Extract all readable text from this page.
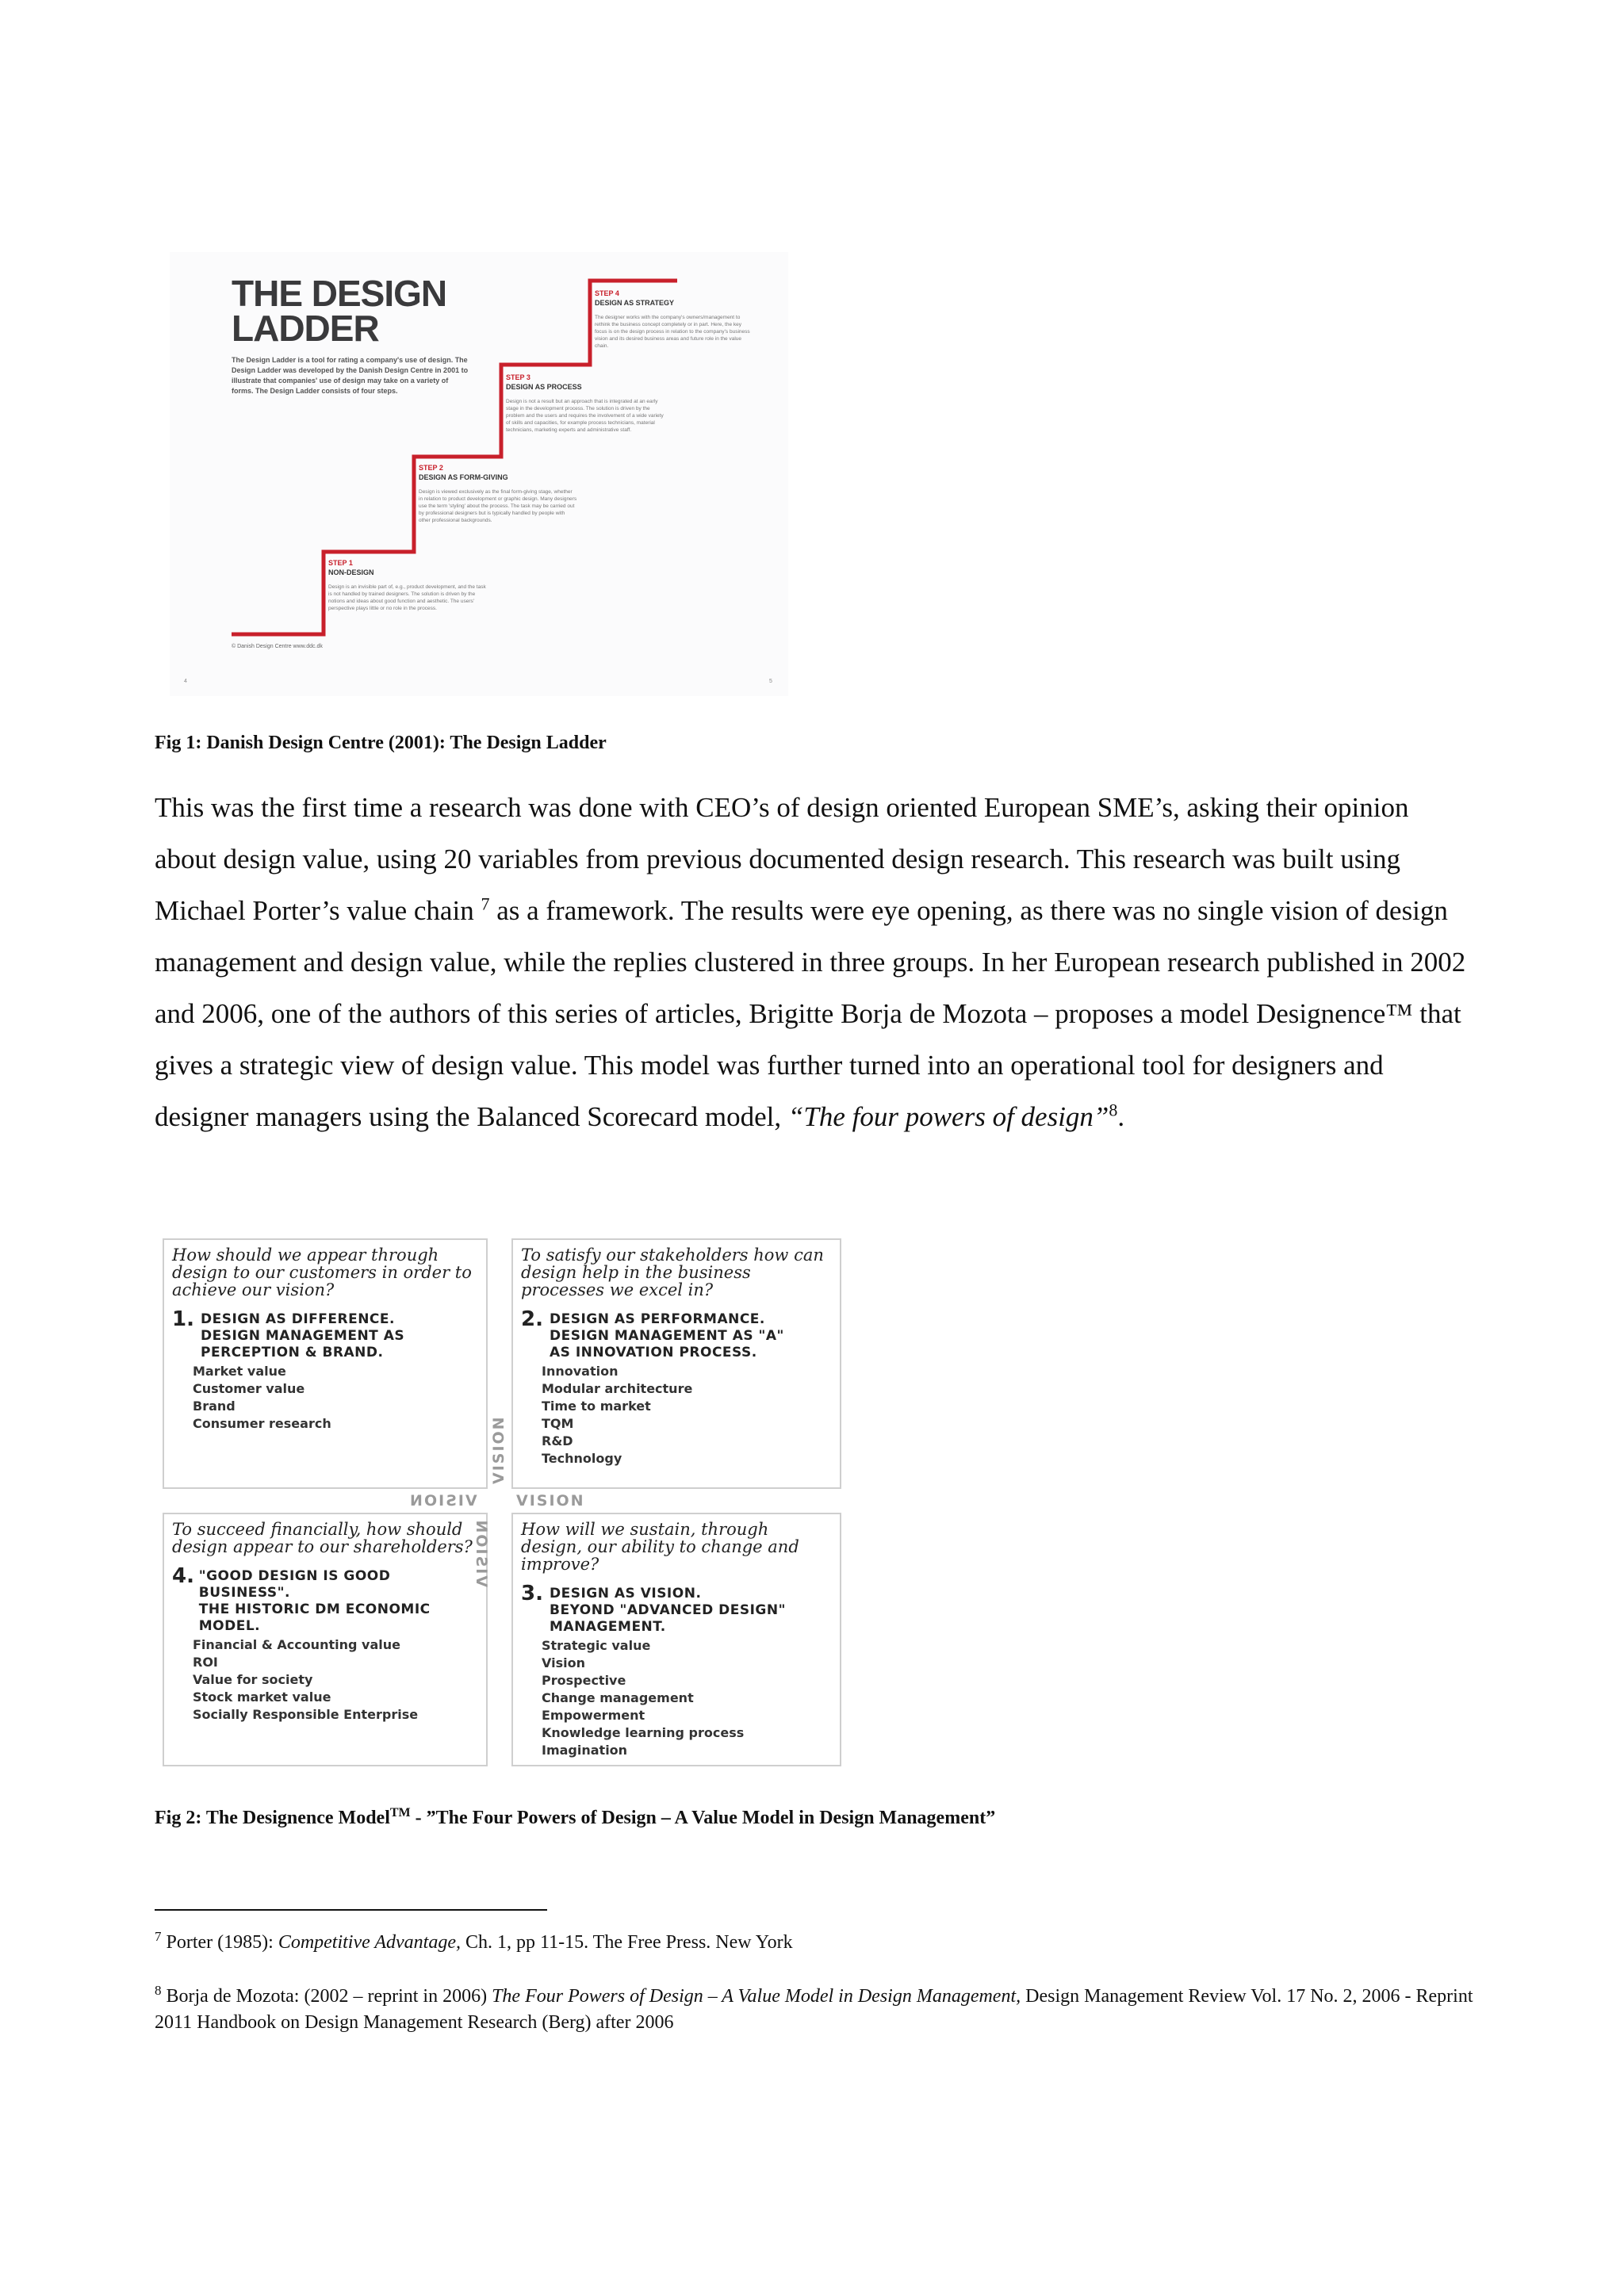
THE DESIGN
LADDER

The Design Ladder is a tool for rating a company's use of design. The Design Ladder was developed by the Danish Design Centre in 2001 to illustrate that companies' use of design may take on a variety of forms. The Design Ladder consists of four steps.

STEP 1
NON-DESIGN
Design is an invisible part of, e.g., product development, and the task is not handled by trained designers. The solution is driven by the notions and ideas about good function and aesthetic. The users' perspective plays little or no role in the process.
STEP 2
DESIGN AS FORM-GIVING
Design is viewed exclusively as the final form-giving stage, whether in relation to product development or graphic design. Many designers use the term 'styling' about the process. The task may be carried out by professional designers but is typically handled by people with other professional backgrounds.
STEP 3
DESIGN AS PROCESS
Design is not a result but an approach that is integrated at an early stage in the development process. The solution is driven by the problem and the users and requires the involvement of a wide variety of skills and capacities, for example process technicians, material technicians, marketing experts and administrative staff.
STEP 4
DESIGN AS STRATEGY
The designer works with the company's owners/management to rethink the business concept completely or in part. Here, the key focus is on the design process in relation to the company's business vision and its desired business areas and future role in the value chain.
© Danish Design Centre www.ddc.dk
4	5

Fig 1: Danish Design Centre (2001): The Design Ladder

This was the first time a research was done with CEO’s of design oriented European SME’s, asking their opinion about design value, using 20 variables from previous documented design research. This research was built using Michael Porter’s value chain $^7$ as a framework. The results were eye opening, as there was no single vision of design management and design value, while the replies clustered in three groups. In her European research published in 2002 and 2006, one of the authors of this series of articles, Brigitte Borja de Mozota – proposes a model Designence™ that gives a strategic view of design value. This model was further turned into an operational tool for designers and designer managers using the Balanced Scorecard model, “The four powers of design”$^8$.

How should we appear through design to our customers in order to achieve our vision?

1. DESIGN AS DIFFERENCE.
DESIGN MANAGEMENT AS
PERCEPTION & BRAND.
Market value
Customer value
Brand
Consumer research

To satisfy our stakeholders how can design help in the business processes we excel in?

2. DESIGN AS PERFORMANCE.
DESIGN MANAGEMENT AS "A"
AS INNOVATION PROCESS.
Innovation
Modular architecture
Time to market
TQM
R&D
Technology

To succeed financially, how should design appear to our shareholders?

4. "GOOD DESIGN IS GOOD
BUSINESS".
THE HISTORIC DM ECONOMIC MODEL.
Financial & Accounting value
ROI
Value for society
Stock market value
Socially Responsible Enterprise

How will we sustain, through design, our ability to change and improve?

3. DESIGN AS VISION.
BEYOND "ADVANCED DESIGN"
MANAGEMENT.
Strategic value
Vision
Prospective
Change management
Empowerment
Knowledge learning process
Imagination
VISION	VISION
VISION
VISION

Fig 2: The Designence Model™ - ”The Four Powers of Design – A Value Model in Design Management”

$^7$ Porter (1985): Competitive Advantage, Ch. 1, pp 11-15. The Free Press. New York

$^8$ Borja de Mozota: (2002 – reprint in 2006) The Four Powers of Design – A Value Model in Design Management, Design Management Review Vol. 17 No. 2, 2006 - Reprint 2011 Handbook on Design Management Research (Berg) after 2006
